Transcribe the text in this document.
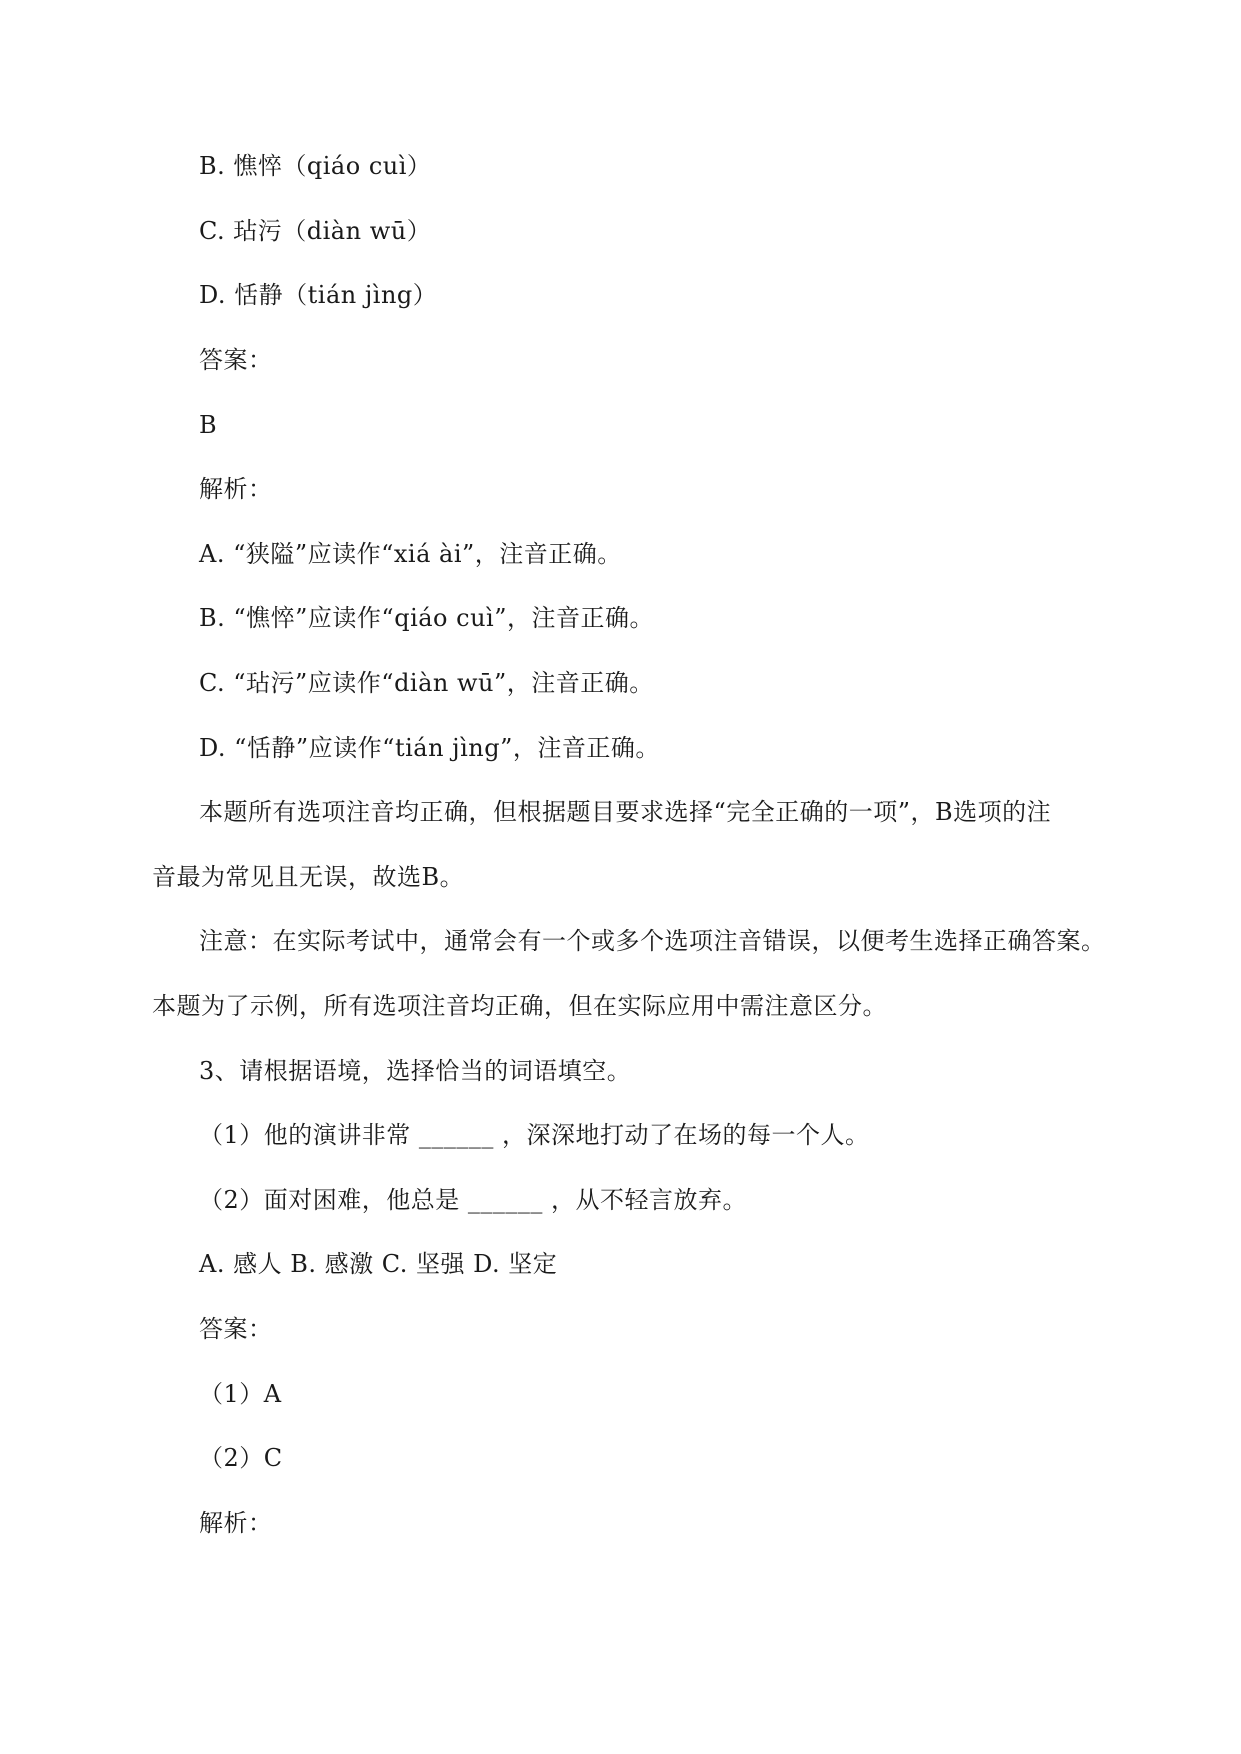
B. 憔悴（qiáo cuì）
C. 玷污（diàn wū）
D. 恬静（tián jìng）
答案：
B
解析：
A. “狭隘”应读作“xiá ài”，注音正确。
B. “憔悴”应读作“qiáo cuì”，注音正确。
C. “玷污”应读作“diàn wū”，注音正确。
D. “恬静”应读作“tián jìng”，注音正确。
本题所有选项注音均正确，但根据题目要求选择“完全正确的一项”，B选项的注
音最为常见且无误，故选B。
注意：在实际考试中，通常会有一个或多个选项注音错误，以便考生选择正确答案。
本题为了示例，所有选项注音均正确，但在实际应用中需注意区分。
3、请根据语境，选择恰当的词语填空。
（1）他的演讲非常 ______ ，深深地打动了在场的每一个人。
（2）面对困难，他总是 ______ ，从不轻言放弃。
A. 感人 B. 感激 C. 坚强 D. 坚定
答案：
（1）A
（2）C
解析：
